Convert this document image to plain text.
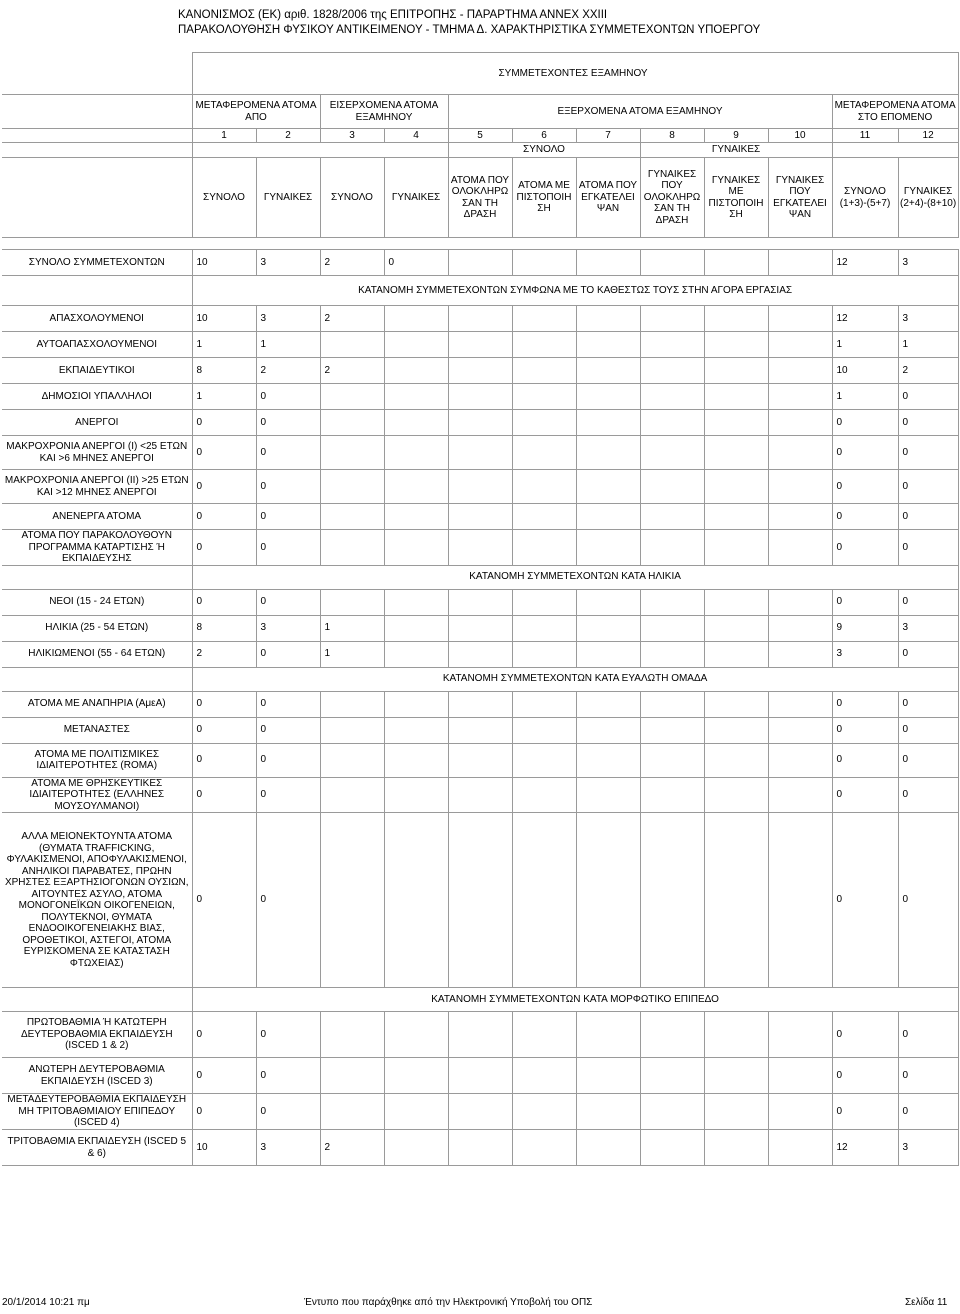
ΚΑΝΟΝΙΣΜΟΣ (ΕΚ) αριθ. 1828/2006 της ΕΠΙΤΡΟΠΗΣ - ΠΑΡΑΡΤΗΜΑ ΑΝΝΕΧ XXIII
ΠΑΡΑΚΟΛΟΥΘΗΣΗ ΦΥΣΙΚΟΥ ΑΝΤΙΚΕΙΜΕΝΟΥ - ΤΜΗΜΑ Δ. ΧΑΡΑΚΤΗΡΙΣΤΙΚΑ ΣΥΜΜΕΤΕΧΟΝΤΩΝ ΥΠΟΕΡΓΟΥ
	ΣΥΜΜΕΤΕΧΟΝΤΕΣ ΕΞΑΜΗΝΟΥ											
	ΜΕΤΑΦΕΡΟΜΕΝΑ ΑΤΟΜΑ ΑΠΟ		ΕΙΣΕΡΧΟΜΕΝΑ ΑΤΟΜΑ ΕΞΑΜΗΝΟΥ		ΕΞΕΡΧΟΜΕΝΑ ΑΤΟΜΑ ΕΞΑΜΗΝΟΥ						ΜΕΤΑΦΕΡΟΜΕΝΑ ΑΤΟΜΑ ΣΤΟ ΕΠΟΜΕΝΟ	
	1	2	3	4	5	6	7	8	9	10	11	12
					ΣΥΝΟΛΟ			ΓΥΝΑΙΚΕΣ				
	ΣΥΝΟΛΟ	ΓΥΝΑΙΚΕΣ	ΣΥΝΟΛΟ	ΓΥΝΑΙΚΕΣ	ΑΤΟΜΑ ΠΟΥ ΟΛΟΚΛΗΡΩ ΣΑΝ ΤΗ ΔΡΑΣΗ	ΑΤΟΜΑ ΜΕ ΠΙΣΤΟΠΟΙΗ ΣΗ	ΑΤΟΜΑ ΠΟΥ ΕΓΚΑΤΕΛΕΙ ΨΑΝ	ΓΥΝΑΙΚΕΣ ΠΟΥ ΟΛΟΚΛΗΡΩ ΣΑΝ ΤΗ ΔΡΑΣΗ	ΓΥΝΑΙΚΕΣ ΜΕ ΠΙΣΤΟΠΟΙΗ ΣΗ	ΓΥΝΑΙΚΕΣ ΠΟΥ ΕΓΚΑΤΕΛΕΙ ΨΑΝ	ΣΥΝΟΛΟ (1+3)-(5+7)	ΓΥΝΑΙΚΕΣ (2+4)-(8+10)

ΣΥΝΟΛΟ ΣΥΜΜΕΤΕΧΟΝΤΩΝ	10	3	2	0							12	3
	ΚΑΤΑΝΟΜΗ ΣΥΜΜΕΤΕΧΟΝΤΩΝ ΣΥΜΦΩΝΑ ΜΕ ΤΟ ΚΑΘΕΣΤΩΣ ΤΟΥΣ ΣΤΗΝ ΑΓΟΡΑ ΕΡΓΑΣΙΑΣ											
ΑΠΑΣΧΟΛΟΥΜΕΝΟΙ	10	3	2								12	3
ΑΥΤΟΑΠΑΣΧΟΛΟΥΜΕΝΟΙ	1	1									1	1
ΕΚΠΑΙΔΕΥΤΙΚΟΙ	8	2	2								10	2
ΔΗΜΟΣΙΟΙ ΥΠΑΛΛΗΛΟΙ	1	0									1	0
ΑΝΕΡΓΟΙ	0	0									0	0
ΜΑΚΡΟΧΡΟΝΙΑ ΑΝΕΡΓΟΙ (Ι) <25 ΕΤΩΝ ΚΑΙ >6 ΜΗΝΕΣ ΑΝΕΡΓΟΙ	0	0									0	0
ΜΑΚΡΟΧΡΟΝΙΑ ΑΝΕΡΓΟΙ (ΙΙ) >25 ΕΤΩΝ ΚΑΙ >12 ΜΗΝΕΣ ΑΝΕΡΓΟΙ	0	0									0	0
ΑΝΕΝΕΡΓΑ ΑΤΟΜΑ	0	0									0	0
ΑΤΟΜΑ ΠΟΥ ΠΑΡΑΚΟΛΟΥΘΟΥΝ ΠΡΟΓΡΑΜΜΑ ΚΑΤΑΡΤΙΣΗΣ Ή ΕΚΠΑΙΔΕΥΣΗΣ	0	0									0	0
	ΚΑΤΑΝΟΜΗ ΣΥΜΜΕΤΕΧΟΝΤΩΝ ΚΑΤΑ ΗΛΙΚΙΑ											
ΝΕΟΙ (15 - 24 ΕΤΩΝ)	0	0									0	0
ΗΛΙΚΙΑ (25 - 54 ΕΤΩΝ)	8	3	1								9	3
ΗΛΙΚΙΩΜΕΝΟΙ (55 - 64 ΕΤΩΝ)	2	0	1								3	0
	ΚΑΤΑΝΟΜΗ ΣΥΜΜΕΤΕΧΟΝΤΩΝ ΚΑΤΑ ΕΥΑΛΩΤΗ ΟΜΑΔΑ											
ΑΤΟΜΑ ΜΕ ΑΝΑΠΗΡΙΑ (ΑμεΑ)	0	0									0	0
ΜΕΤΑΝΑΣΤΕΣ	0	0									0	0
ΑΤΟΜΑ ΜΕ ΠΟΛΙΤΙΣΜΙΚΕΣ ΙΔΙΑΙΤΕΡΟΤΗΤΕΣ (ROMA)	0	0									0	0
ΑΤΟΜΑ ΜΕ ΘΡΗΣΚΕΥΤΙΚΕΣ ΙΔΙΑΙΤΕΡΟΤΗΤΕΣ (ΕΛΛΗΝΕΣ ΜΟΥΣΟΥΛΜΑΝΟΙ)	0	0									0	0
ΑΛΛΑ ΜΕΙΟΝΕΚΤΟΥΝΤΑ ΑΤΟΜΑ (ΘΥΜΑΤΑ TRAFFICKING, ΦΥΛΑΚΙΣΜΕΝΟΙ, ΑΠΟΦΥΛΑΚΙΣΜΕΝΟΙ, ΑΝΗΛΙΚΟΙ ΠΑΡΑΒΑΤΕΣ, ΠΡΩΗΝ ΧΡΗΣΤΕΣ ΕΞΑΡΤΗΣΙΟΓΟΝΩΝ ΟΥΣΙΩΝ, ΑΙΤΟΥΝΤΕΣ ΑΣΥΛΟ, ΑΤΟΜΑ ΜΟΝΟΓΟΝΕΪΚΩΝ ΟΙΚΟΓΕΝΕΙΩΝ, ΠΟΛΥΤΕΚΝΟΙ, ΘΥΜΑΤΑ ΕΝΔΟΟΙΚΟΓΕΝΕΙΑΚΗΣ ΒΙΑΣ, ΟΡΟΘΕΤΙΚΟΙ, ΑΣΤΕΓΟΙ, ΑΤΟΜΑ ΕΥΡΙΣΚΟΜΕΝΑ ΣΕ ΚΑΤΑΣΤΑΣΗ ΦΤΩΧΕΙΑΣ)	0	0									0	0
	ΚΑΤΑΝΟΜΗ ΣΥΜΜΕΤΕΧΟΝΤΩΝ ΚΑΤΑ ΜΟΡΦΩΤΙΚΟ ΕΠΙΠΕΔΟ											
ΠΡΩΤΟΒΑΘΜΙΑ Ή ΚΑΤΩΤΕΡΗ ΔΕΥΤΕΡΟΒΑΘΜΙΑ ΕΚΠΑΙΔΕΥΣΗ (ISCED 1 & 2)	0	0									0	0
ΑΝΩΤΕΡΗ ΔΕΥΤΕΡΟΒΑΘΜΙΑ ΕΚΠΑΙΔΕΥΣΗ (ISCED 3)	0	0									0	0
ΜΕΤΑΔΕΥΤΕΡΟΒΑΘΜΙΑ ΕΚΠΑΙΔΕΥΣΗ ΜΗ ΤΡΙΤΟΒΑΘΜΙΑΙΟΥ ΕΠΙΠΕΔΟΥ (ISCED 4)	0	0									0	0
ΤΡΙΤΟΒΑΘΜΙΑ ΕΚΠΑΙΔΕΥΣΗ (ISCED 5 & 6)	10	3	2								12	3
20/1/2014 10:21 πμ	Έντυπο που παράχθηκε από την Ηλεκτρονική Υποβολή του ΟΠΣ	Σελίδα 11
